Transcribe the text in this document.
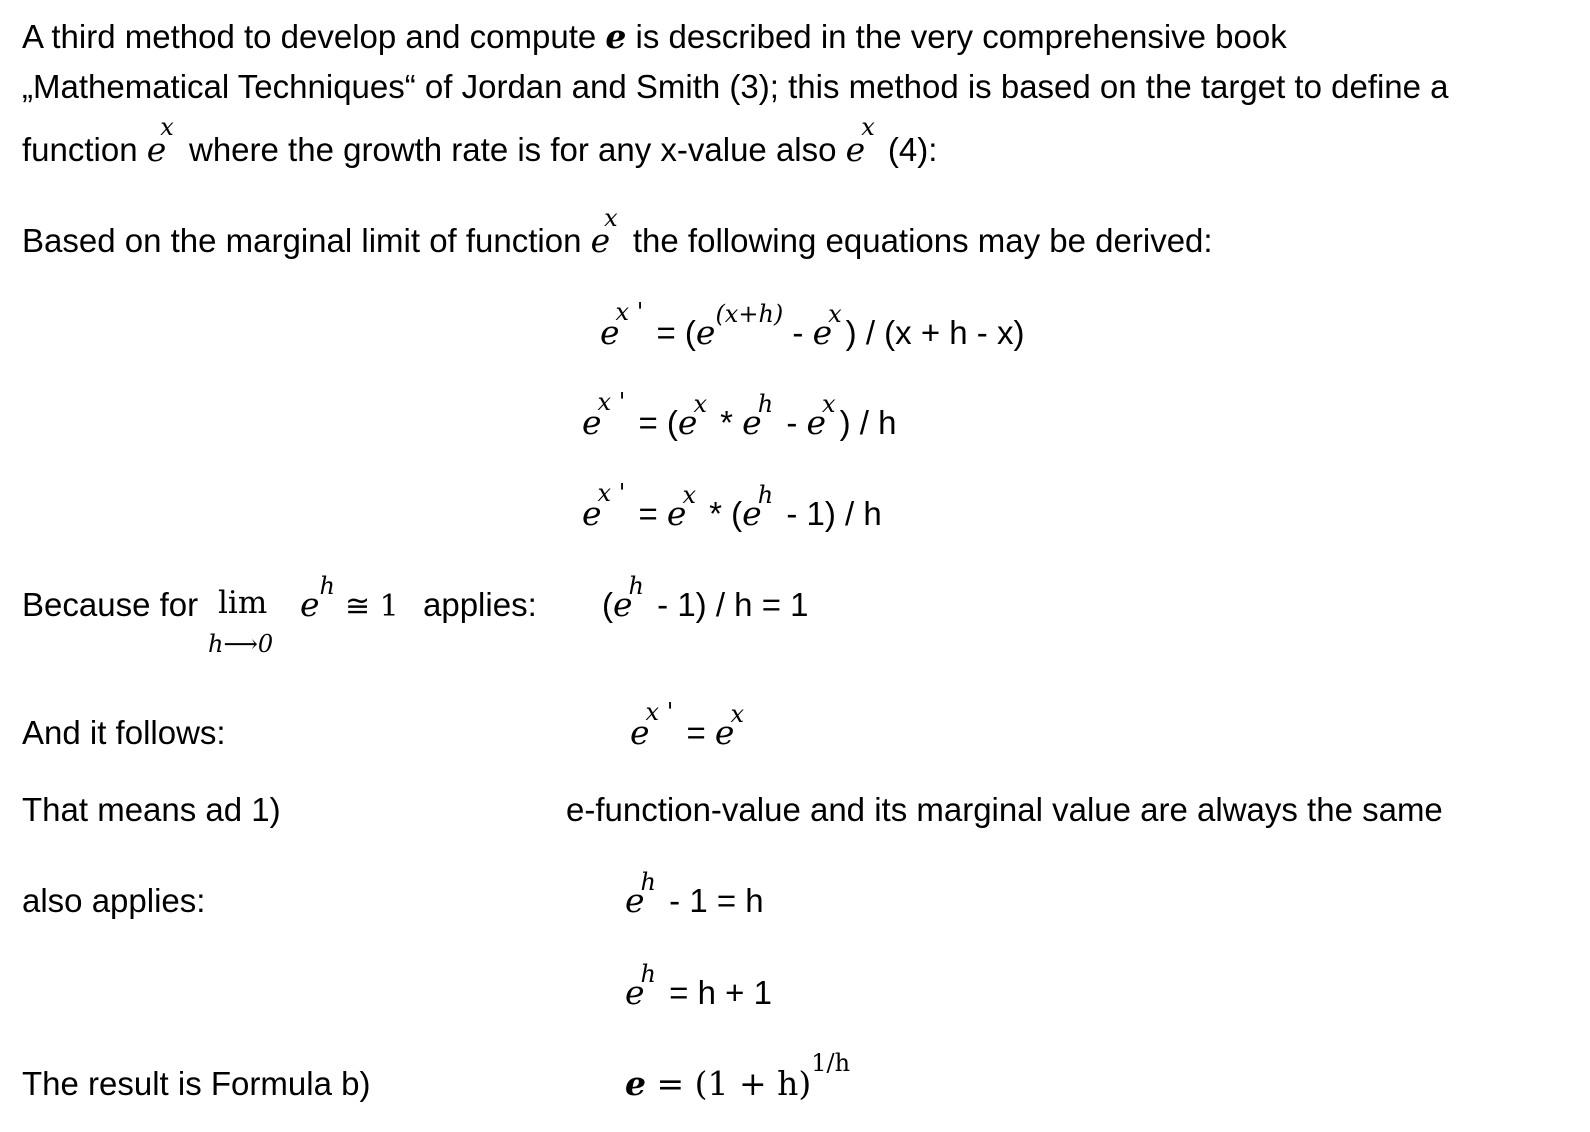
A third method to develop and compute e is described in the very comprehensive book
„Mathematical Techniques“ of Jordan and Smith (3); this method is based on the target to define a
function $e^x$ where the growth rate is for any x-value also $e^x$ (4):
Based on the marginal limit of function $e^x$ the following equations may be derived:
$e^{x '} = (e^{(x+h)} - e^x$ ) / (x + h - x)
$e^{x '} = (e^x * e^h - e^x$ ) / h
$e^{x '} = e^x * (e^h - 1) / h$
Because for lim
h⟶0
$e^h$
≅ 1 applies: $(e^h - 1) / h = 1$
And it follows:	$e^{x '} = e^x$
That means ad 1)	e-function-value and its marginal value are always the same
also applies:	$e^h - 1 = h$
$e^h = h + 1$
The result is Formula b)	$e = (1 + h)^{1/h}$
